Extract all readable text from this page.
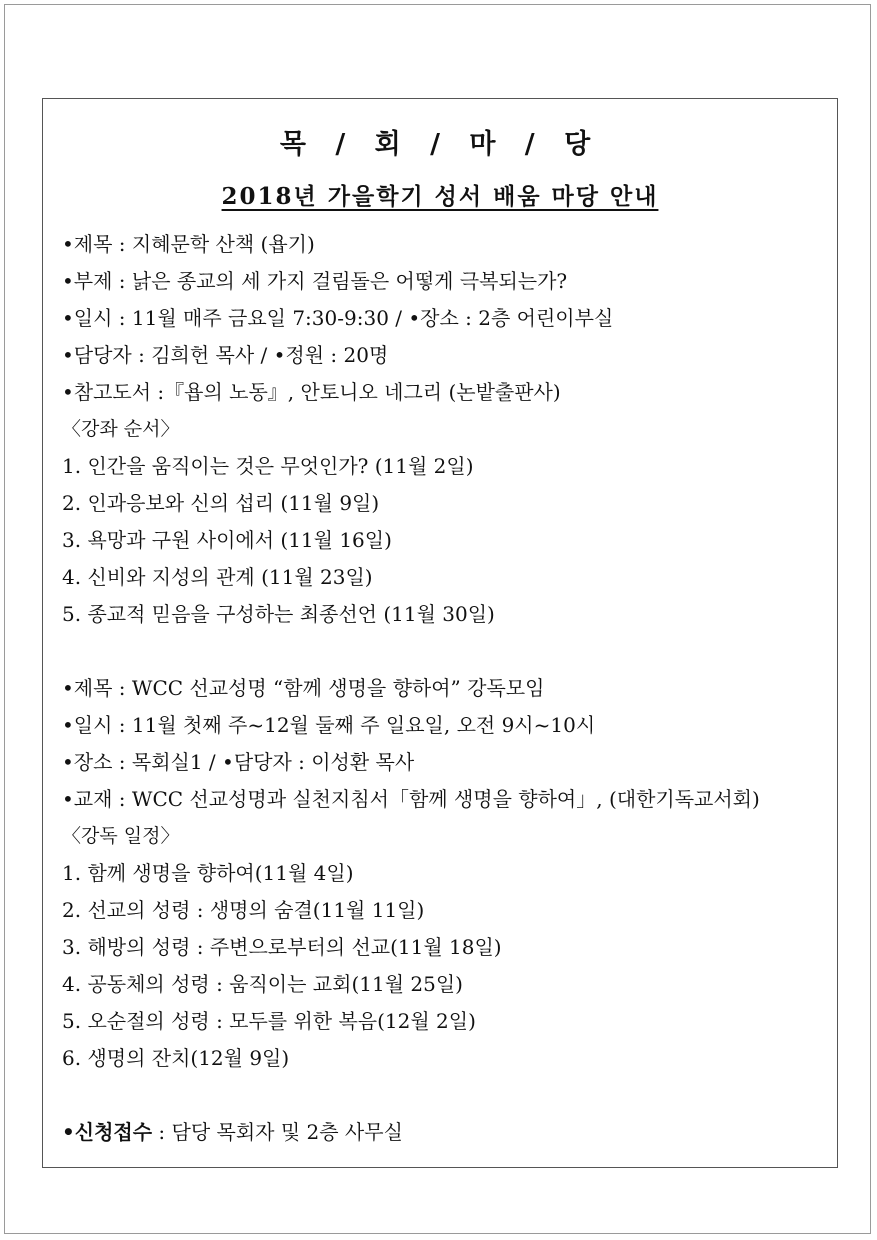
목 / 회 / 마 / 당
2018년 가을학기 성서 배움 마당 안내
•제목 : 지혜문학 산책 (욥기)
•부제 : 낡은 종교의 세 가지 걸림돌은 어떻게 극복되는가?
•일시 : 11월 매주 금요일 7:30-9:30 / •장소 : 2층 어린이부실
•담당자 : 김희헌 목사 / •정원 : 20명
•참고도서 :『욥의 노동』, 안토니오 네그리 (논밭출판사)
〈강좌 순서〉
1. 인간을 움직이는 것은 무엇인가? (11월 2일)
2. 인과응보와 신의 섭리 (11월 9일)
3. 욕망과 구원 사이에서 (11월 16일)
4. 신비와 지성의 관계 (11월 23일)
5. 종교적 믿음을 구성하는 최종선언 (11월 30일)
•제목 : WCC 선교성명 “함께 생명을 향하여” 강독모임
•일시 : 11월 첫째 주~12월 둘째 주 일요일, 오전 9시~10시
•장소 : 목회실1 / •담당자 : 이성환 목사
•교재 : WCC 선교성명과 실천지침서「함께 생명을 향하여」, (대한기독교서회)
〈강독 일정〉
1. 함께 생명을 향하여(11월 4일)
2. 선교의 성령 : 생명의 숨결(11월 11일)
3. 해방의 성령 : 주변으로부터의 선교(11월 18일)
4. 공동체의 성령 : 움직이는 교회(11월 25일)
5. 오순절의 성령 : 모두를 위한 복음(12월 2일)
6. 생명의 잔치(12월 9일)
•신청접수 : 담당 목회자 및 2층 사무실
